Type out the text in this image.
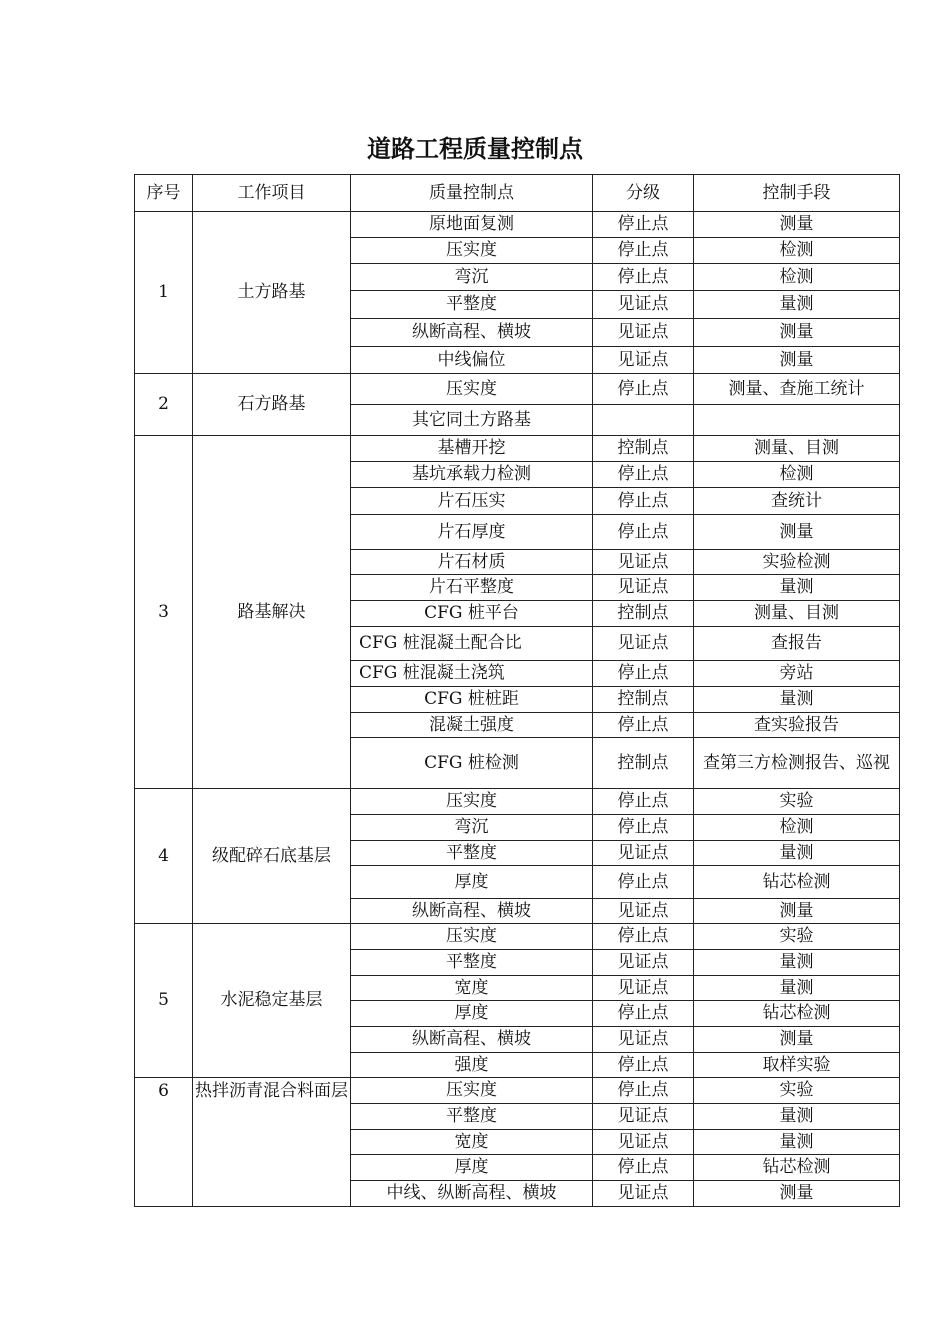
道路工程质量控制点
序号	工作项目	质量控制点	分级	控制手段
1	土方路基	原地面复测	停止点	测量
		压实度	停止点	检测
		弯沉	停止点	检测
		平整度	见证点	量测
		纵断高程、横坡	见证点	测量
		中线偏位	见证点	测量
2	石方路基	压实度	停止点	测量、查施工统计
		其它同土方路基		
3	路基解决	基槽开挖	控制点	测量、目测
		基坑承载力检测	停止点	检测
		片石压实	停止点	查统计
		片石厚度	停止点	测量
		片石材质	见证点	实验检测
		片石平整度	见证点	量测
		CFG 桩平台	控制点	测量、目测
		CFG 桩混凝土配合比	见证点	查报告
		CFG 桩混凝土浇筑	停止点	旁站
		CFG 桩桩距	控制点	量测
		混凝土强度	停止点	查实验报告
		CFG 桩检测	控制点	查第三方检测报告、巡视
4	级配碎石底基层	压实度	停止点	实验
		弯沉	停止点	检测
		平整度	见证点	量测
		厚度	停止点	钻芯检测
		纵断高程、横坡	见证点	测量
5	水泥稳定基层	压实度	停止点	实验
		平整度	见证点	量测
		宽度	见证点	量测
		厚度	停止点	钻芯检测
		纵断高程、横坡	见证点	测量
		强度	停止点	取样实验
6	热拌沥青混合料面层	压实度	停止点	实验
		平整度	见证点	量测
		宽度	见证点	量测
		厚度	停止点	钻芯检测
		中线、纵断高程、横坡	见证点	测量
